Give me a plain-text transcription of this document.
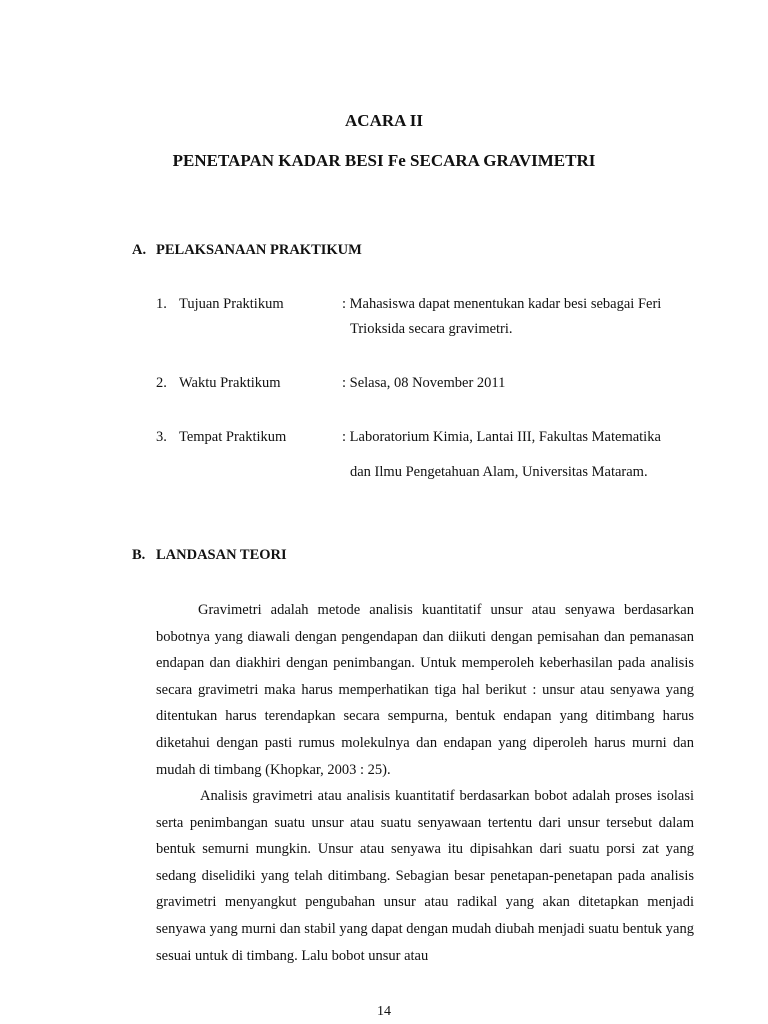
ACARA II
PENETAPAN KADAR BESI Fe SECARA GRAVIMETRI
A. PELAKSANAAN PRAKTIKUM
1. Tujuan Praktikum	: Mahasiswa dapat menentukan kadar besi sebagai Feri
Trioksida secara gravimetri.
2. Waktu Praktikum	: Selasa, 08 November 2011
3. Tempat Praktikum	: Laboratorium Kimia, Lantai III, Fakultas Matematika
dan Ilmu Pengetahuan Alam, Universitas Mataram.
B. LANDASAN TEORI

Gravimetri adalah metode analisis kuantitatif unsur atau senyawa berdasarkan bobotnya yang diawali dengan pengendapan dan diikuti dengan pemisahan dan pemanasan endapan dan diakhiri dengan penimbangan. Untuk memperoleh keberhasilan pada analisis secara gravimetri maka harus memperhatikan tiga hal berikut : unsur atau senyawa yang ditentukan harus terendapkan secara sempurna, bentuk endapan yang ditimbang harus diketahui dengan pasti rumus molekulnya dan endapan yang diperoleh harus murni dan mudah di timbang (Khopkar, 2003 : 25).

Analisis gravimetri atau analisis kuantitatif berdasarkan bobot adalah proses isolasi serta penimbangan suatu unsur atau suatu senyawaan tertentu dari unsur tersebut dalam bentuk semurni mungkin. Unsur atau senyawa itu dipisahkan dari suatu porsi zat yang sedang diselidiki yang telah ditimbang. Sebagian besar penetapan-penetapan pada analisis gravimetri menyangkut pengubahan unsur atau radikal yang akan ditetapkan menjadi senyawa yang murni dan stabil yang dapat dengan mudah diubah menjadi suatu bentuk yang sesuai untuk di timbang. Lalu bobot unsur atau

14
